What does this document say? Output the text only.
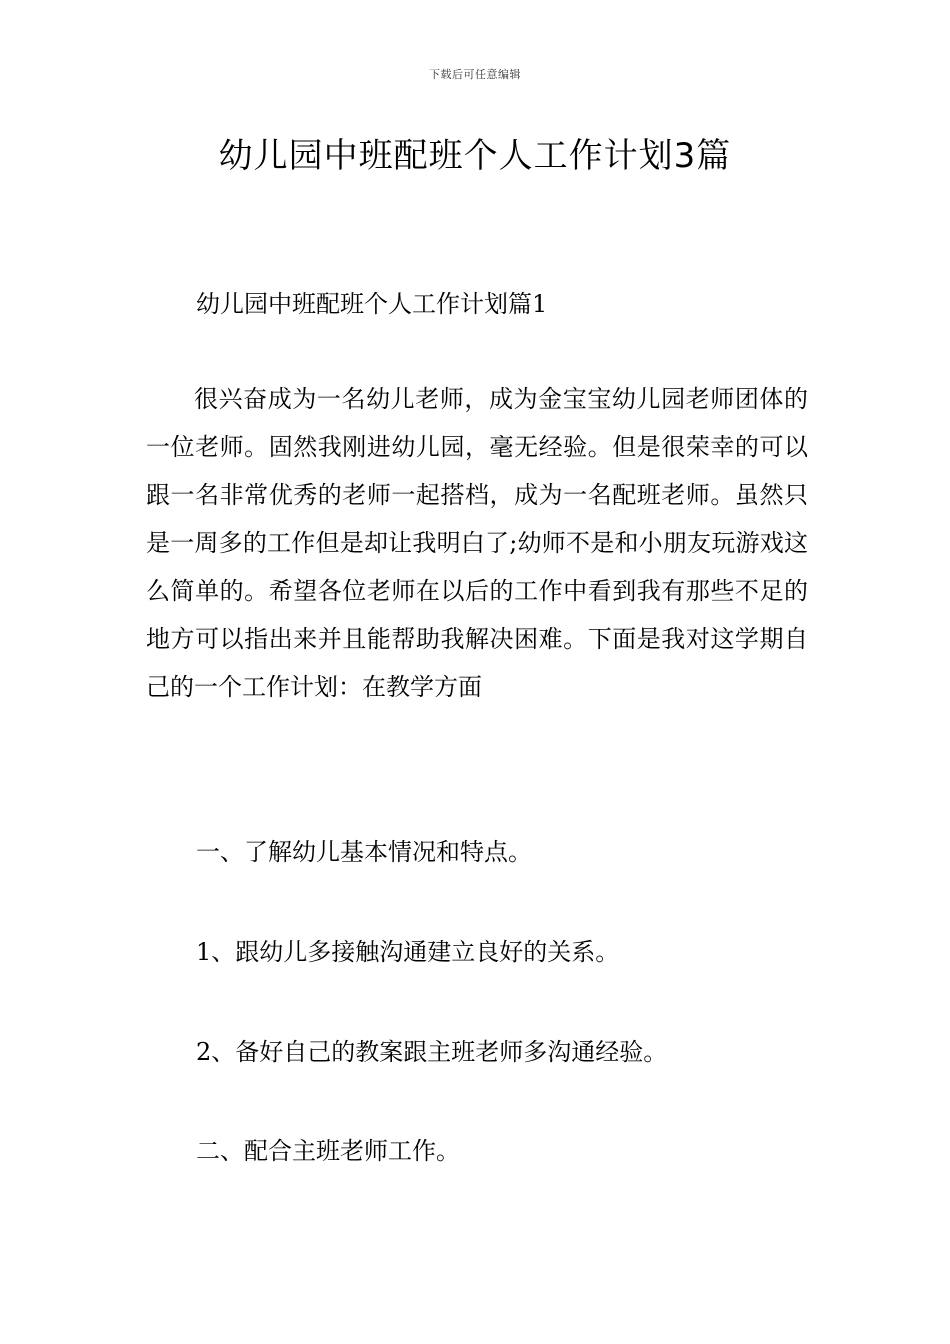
下载后可任意编辑
幼儿园中班配班个人工作计划3篇

幼儿园中班配班个人工作计划篇1

很兴奋成为一名幼儿老师，成为金宝宝幼儿园老师团体的一位老师。固然我刚进幼儿园，毫无经验。但是很荣幸的可以跟一名非常优秀的老师一起搭档，成为一名配班老师。虽然只是一周多的工作但是却让我明白了;幼师不是和小朋友玩游戏这么简单的。希望各位老师在以后的工作中看到我有那些不足的地方可以指出来并且能帮助我解决困难。下面是我对这学期自己的一个工作计划：在教学方面

一、了解幼儿基本情况和特点。

1、跟幼儿多接触沟通建立良好的关系。

2、备好自己的教案跟主班老师多沟通经验。

二、配合主班老师工作。
